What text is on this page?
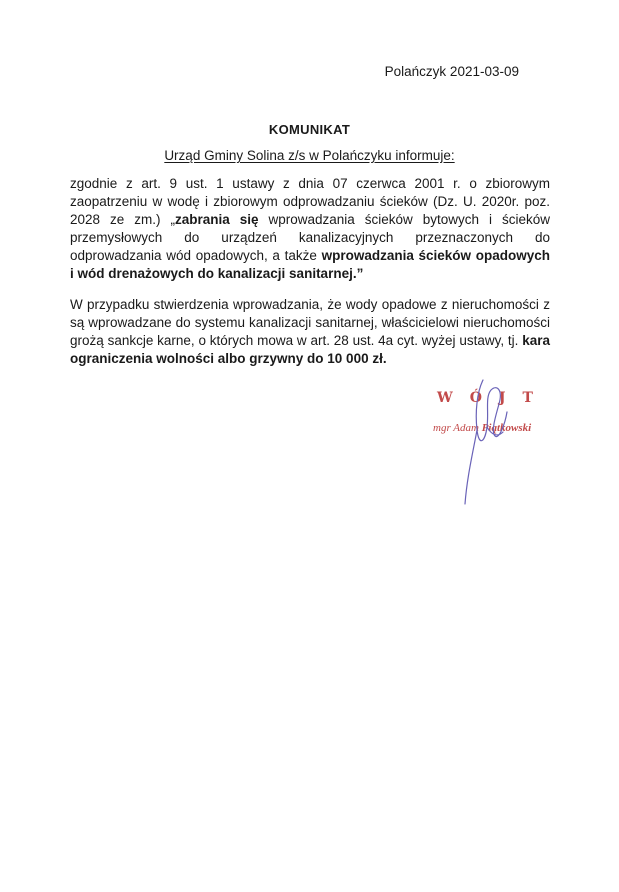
Polańczyk 2021-03-09
KOMUNIKAT
Urząd Gminy Solina z/s w Polańczyku informuje:
zgodnie z art. 9 ust. 1 ustawy z dnia 07 czerwca 2001 r. o zbiorowym zaopatrzeniu w wodę i zbiorowym odprowadzaniu ścieków (Dz. U. 2020r. poz. 2028 ze zm.) „zabrania się wprowadzania ścieków bytowych i ścieków przemysłowych do urządzeń kanalizacyjnych przeznaczonych do odprowadzania wód opadowych, a także wprowadzania ścieków opadowych i wód drenażowych do kanalizacji sanitarnej.”
W przypadku stwierdzenia wprowadzania, że wody opadowe z nieruchomości z są wprowadzane do systemu kanalizacji sanitarnej, właścicielowi nieruchomości grożą sankcje karne, o których mowa w art. 28 ust. 4a cyt. wyżej ustawy, tj. kara ograniczenia wolności albo grzywny do 10 000 zł.
WÓJT
mgr Adam Piątkowski
